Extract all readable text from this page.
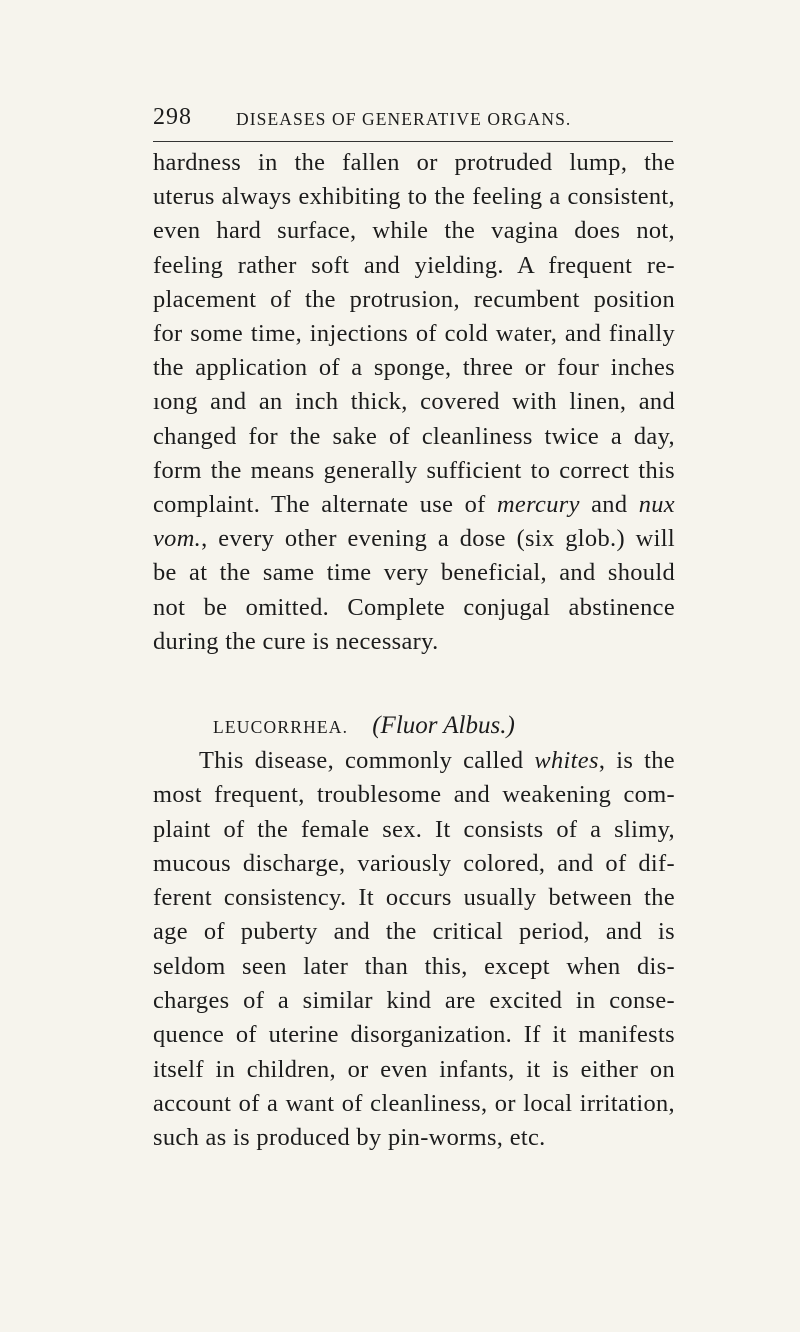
298	DISEASES OF GENERATIVE ORGANS.
hardness in the fallen or protruded lump, the
uterus always exhibiting to the feeling a consistent,
even hard surface, while the vagina does not,
feeling rather soft and yielding. A frequent re-
placement of the protrusion, recumbent position
for some time, injections of cold water, and finally
the application of a sponge, three or four inches
ıong and an inch thick, covered with linen, and
changed for the sake of cleanliness twice a day,
form the means generally sufficient to correct this
complaint. The alternate use of mercury and nux
vom., every other evening a dose (six glob.) will
be at the same time very beneficial, and should
not be omitted. Complete conjugal abstinence
during the cure is necessary.
LEUCORRHEA. (Fluor Albus.)
This disease, commonly called whites, is the
most frequent, troublesome and weakening com-
plaint of the female sex. It consists of a slimy,
mucous discharge, variously colored, and of dif-
ferent consistency. It occurs usually between the
age of puberty and the critical period, and is
seldom seen later than this, except when dis-
charges of a similar kind are excited in conse-
quence of uterine disorganization. If it manifests
itself in children, or even infants, it is either on
account of a want of cleanliness, or local irritation,
such as is produced by pin-worms, etc.
